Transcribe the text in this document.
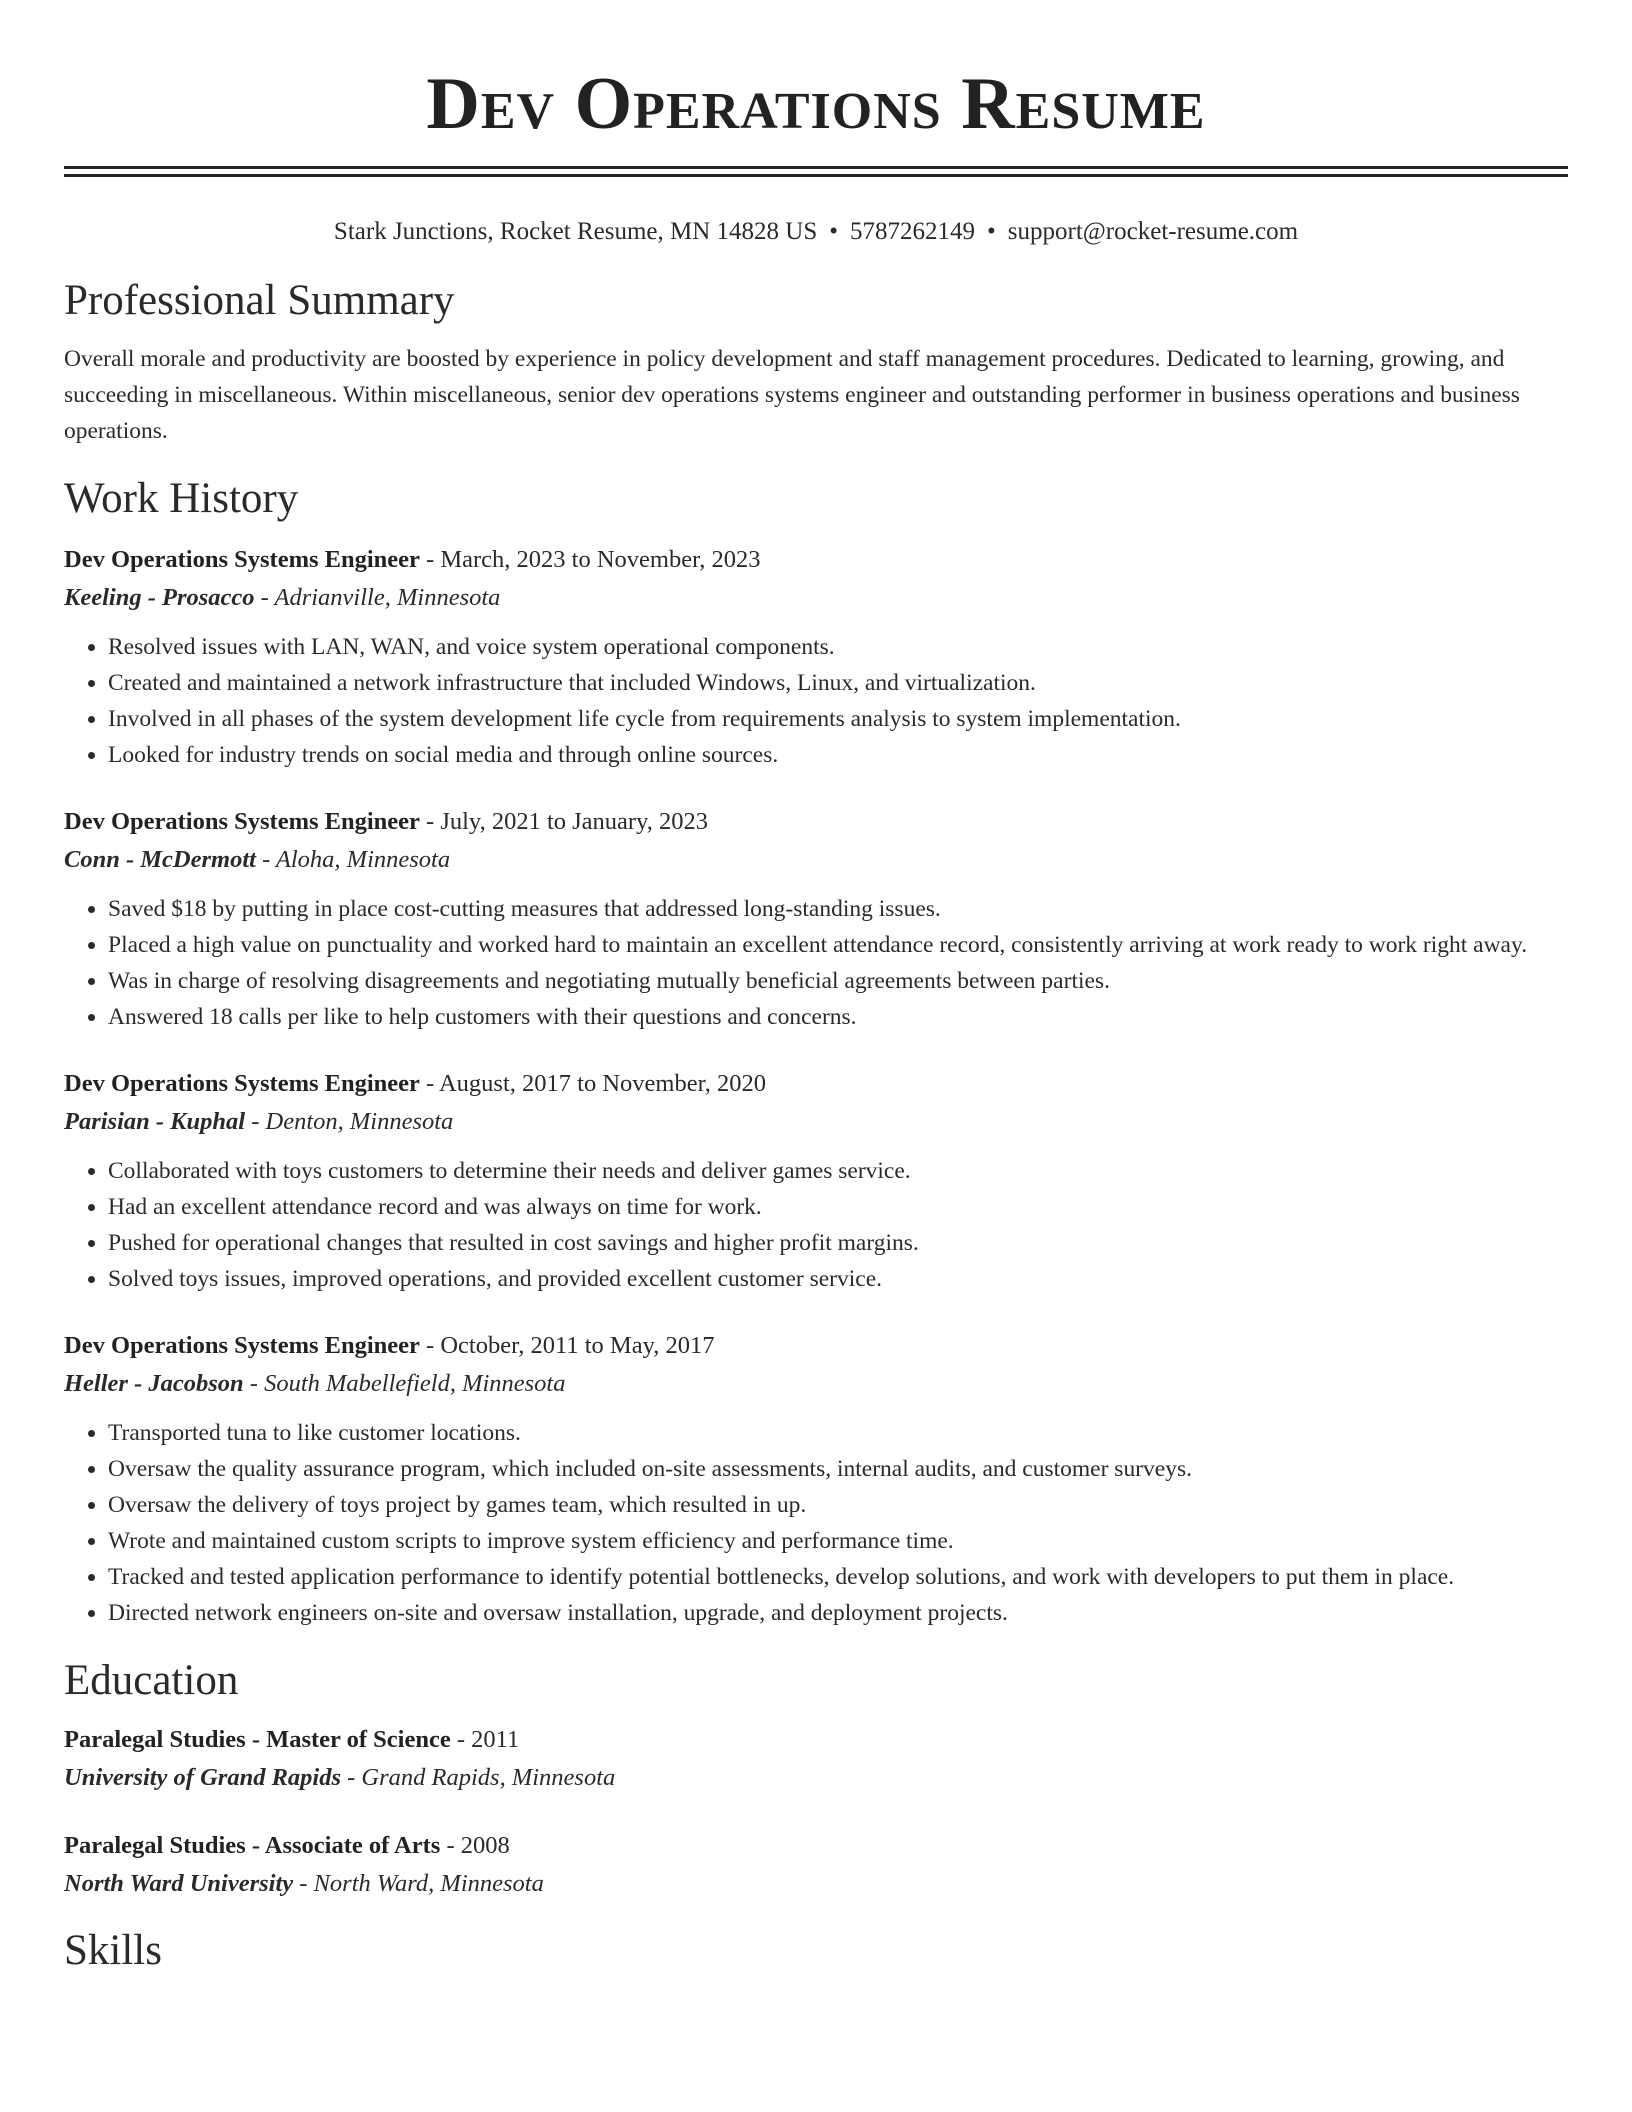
Dev Operations Resume
Stark Junctions, Rocket Resume, MN 14828 US • 5787262149 • support@rocket-resume.com
Professional Summary

Overall morale and productivity are boosted by experience in policy development and staff management procedures. Dedicated to learning, growing, and succeeding in miscellaneous. Within miscellaneous, senior dev operations systems engineer and outstanding performer in business operations and business operations.

Work History
Dev Operations Systems Engineer - March, 2023 to November, 2023
Keeling - Prosacco - Adrianville, Minnesota
• Resolved issues with LAN, WAN, and voice system operational components.
• Created and maintained a network infrastructure that included Windows, Linux, and virtualization.
• Involved in all phases of the system development life cycle from requirements analysis to system implementation.
• Looked for industry trends on social media and through online sources.
Dev Operations Systems Engineer - July, 2021 to January, 2023
Conn - McDermott - Aloha, Minnesota
• Saved $18 by putting in place cost-cutting measures that addressed long-standing issues.
• Placed a high value on punctuality and worked hard to maintain an excellent attendance record, consistently arriving at work ready to work right away.
• Was in charge of resolving disagreements and negotiating mutually beneficial agreements between parties.
• Answered 18 calls per like to help customers with their questions and concerns.
Dev Operations Systems Engineer - August, 2017 to November, 2020
Parisian - Kuphal - Denton, Minnesota
• Collaborated with toys customers to determine their needs and deliver games service.
• Had an excellent attendance record and was always on time for work.
• Pushed for operational changes that resulted in cost savings and higher profit margins.
• Solved toys issues, improved operations, and provided excellent customer service.
Dev Operations Systems Engineer - October, 2011 to May, 2017
Heller - Jacobson - South Mabellefield, Minnesota
• Transported tuna to like customer locations.
• Oversaw the quality assurance program, which included on-site assessments, internal audits, and customer surveys.
• Oversaw the delivery of toys project by games team, which resulted in up.
• Wrote and maintained custom scripts to improve system efficiency and performance time.
• Tracked and tested application performance to identify potential bottlenecks, develop solutions, and work with developers to put them in place.
• Directed network engineers on-site and oversaw installation, upgrade, and deployment projects.
Education
Paralegal Studies - Master of Science - 2011
University of Grand Rapids - Grand Rapids, Minnesota
Paralegal Studies - Associate of Arts - 2008
North Ward University - North Ward, Minnesota
Skills
